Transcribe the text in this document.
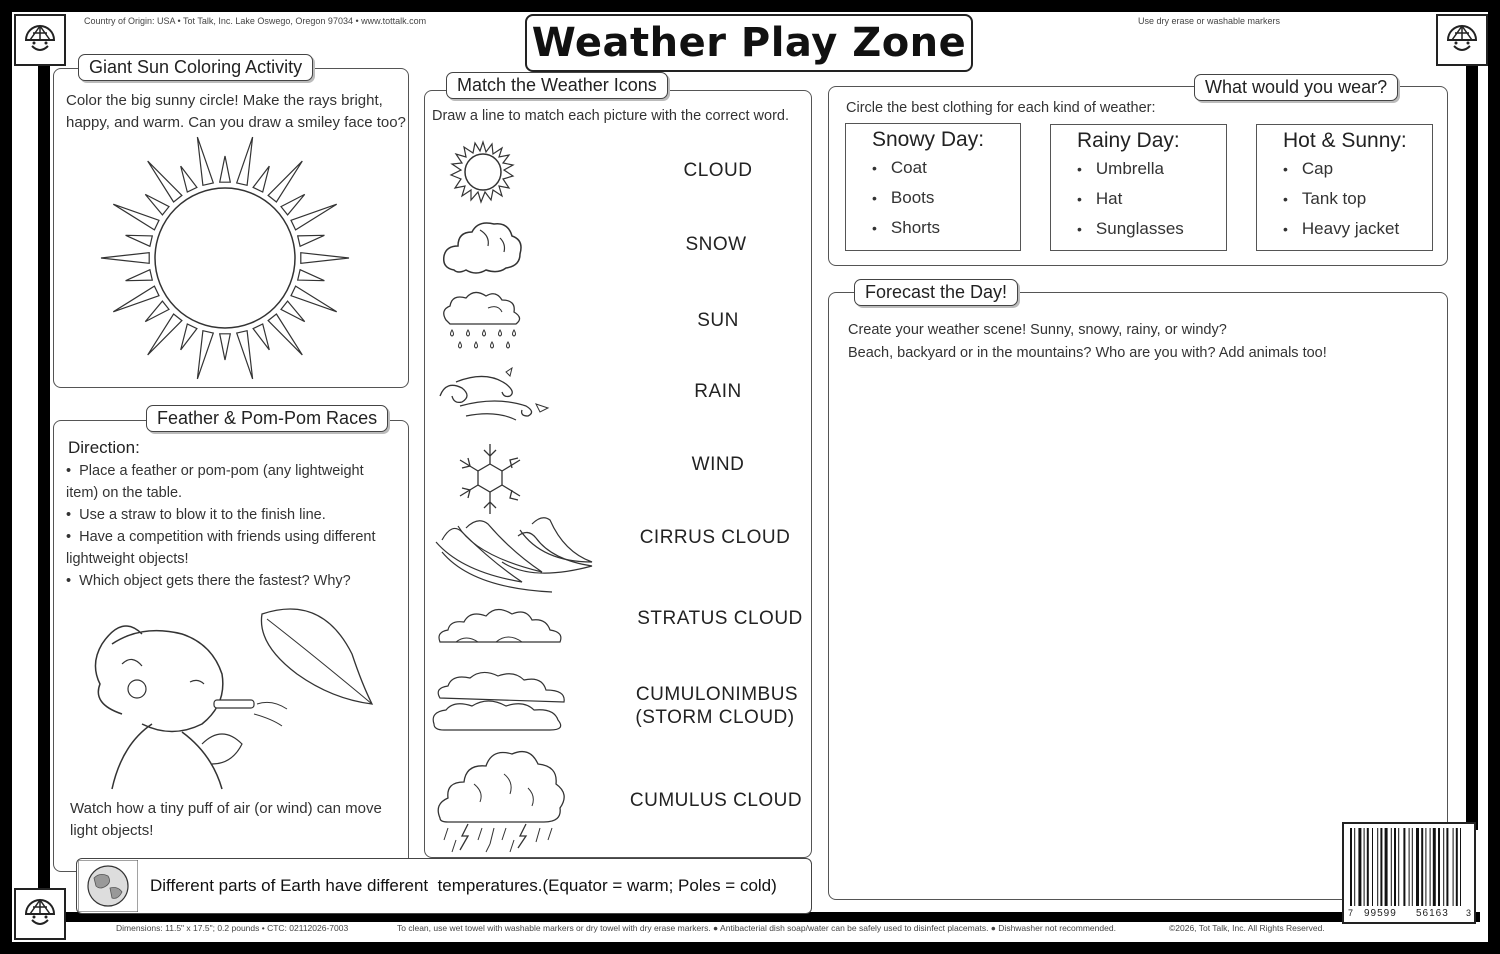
Country of Origin: USA • Tot Talk, Inc. Lake Oswego, Oregon 97034 • www.tottalk.com	Use dry erase or washable markers
Weather Play Zone
Giant Sun Coloring Activity
Color the big sunny circle! Make the rays bright, happy, and warm. Can you draw a smiley face too?
Feather & Pom-Pom Races
Direction:
•  Place a feather or pom-pom (any lightweight item) on the table.
•  Use a straw to blow it to the finish line.
•  Have a competition with friends using different lightweight objects!
•  Which object gets there the fastest? Why?
Watch how a tiny puff of air (or wind) can move light objects!
Match the Weather Icons
Draw a line to match each picture with the correct word.
CLOUD
SNOW
SUN
RAIN
WIND
CIRRUS CLOUD
STRATUS CLOUD
CUMULONIMBUS
(STORM CLOUD)
CUMULUS CLOUD
Different parts of Earth have different  temperatures.(Equator = warm; Poles = cold)
What would you wear?
Circle the best clothing for each kind of weather:
Snowy Day:
• Coat
• Boots
• Shorts
Rainy Day:
• Umbrella
• Hat
• Sunglasses
Hot & Sunny:
• Cap
• Tank top
• Heavy jacket
Forecast the Day!
Create your weather scene! Sunny, snowy, rainy, or windy?
Beach, backyard or in the mountains? Who are you with? Add animals too!
7 99599 56163 3
Dimensions: 11.5" x 17.5"; 0.2 pounds • CTC: 02112026-7003	To clean, use wet towel with washable markers or dry towel with dry erase markers. ● Antibacterial dish soap/water can be safely used to disinfect placemats. ● Dishwasher not recommended.	©2026, Tot Talk, Inc. All Rights Reserved.
